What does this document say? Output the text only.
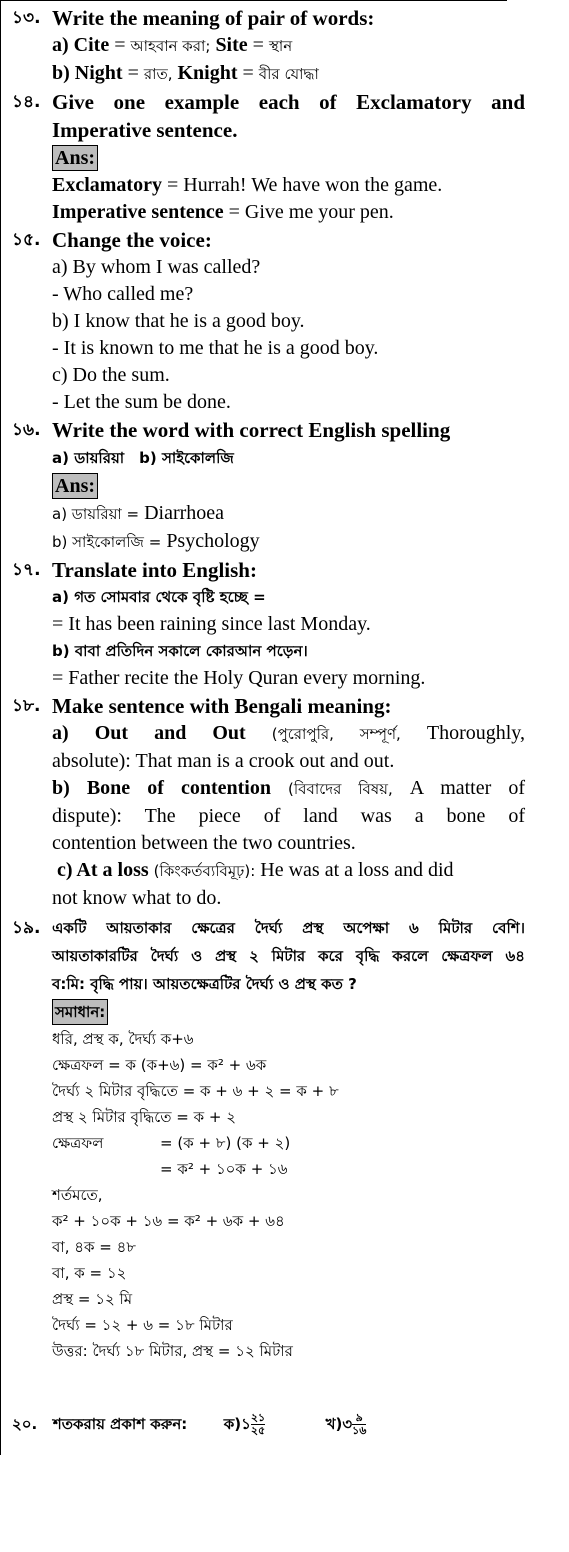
১৩. Write the meaning of pair of words:
a) Cite = আহবান করা; Site = স্থান
b) Night = রাত, Knight = বীর যোদ্ধা
১৪. Give one example each of Exclamatory and
Imperative sentence.
Ans:
Exclamatory = Hurrah! We have won the game.
Imperative sentence = Give me your pen.
১৫. Change the voice:
a) By whom I was called?
- Who called me?
b) I know that he is a good boy.
- It is known to me that he is a good boy.
c) Do the sum.
- Let the sum be done.
১৬. Write the word with correct English spelling
a) ডায়রিয়া b) সাইকোলজি
Ans:
a) ডায়রিয়া = Diarrhoea
b) সাইকোলজি = Psychology
১৭. Translate into English:
a) গত সোমবার থেকে বৃষ্টি হচ্ছে =
= It has been raining since last Monday.
b) বাবা প্রতিদিন সকালে কোরআন পড়েন।
= Father recite the Holy Quran every morning.
১৮. Make sentence with Bengali meaning:
a) Out and Out (পুরোপুরি, সম্পূর্ণ, Thoroughly,
absolute): That man is a crook out and out.
b) Bone of contention (বিবাদের বিষয়, A matter of
dispute): The piece of land was a bone of
contention between the two countries.
c) At a loss (কিংকর্তব্যবিমূঢ়): He was at a loss and did
not know what to do.
১৯. একটি আয়তাকার ক্ষেত্রের দৈর্ঘ্য প্রস্থ অপেক্ষা ৬ মিটার বেশি।
আয়তাকারটির দৈর্ঘ্য ও প্রস্থ ২ মিটার করে বৃদ্ধি করলে ক্ষেত্রফল ৬৪
ব:মি: বৃদ্ধি পায়। আয়তক্ষেত্রটির দৈর্ঘ্য ও প্রস্থ কত ?
সমাধান:
ধরি, প্রস্থ ক, দৈর্ঘ্য ক+৬
ক্ষেত্রফল = ক (ক+৬) = ক² + ৬ক
দৈর্ঘ্য ২ মিটার বৃদ্ধিতে = ক + ৬ + ২ = ক + ৮
প্রস্থ ২ মিটার বৃদ্ধিতে = ক + ২
ক্ষেত্রফল	= (ক + ৮) (ক + ২)
= ক² + ১০ক + ১৬
শর্তমতে,
ক² + ১০ক + ১৬ = ক² + ৬ক + ৬৪
বা, ৪ক = ৪৮
বা, ক = ১২
প্রস্থ = ১২ মি
দৈর্ঘ্য = ১২ + ৬ = ১৮ মিটার
উত্তর: দৈর্ঘ্য ১৮ মিটার, প্রস্থ = ১২ মিটার
২০. শতকরায় প্রকাশ করুন: ক)১ $\frac{২১}{২৫}$	খ)৩ $\frac{৯}{১৬}$
